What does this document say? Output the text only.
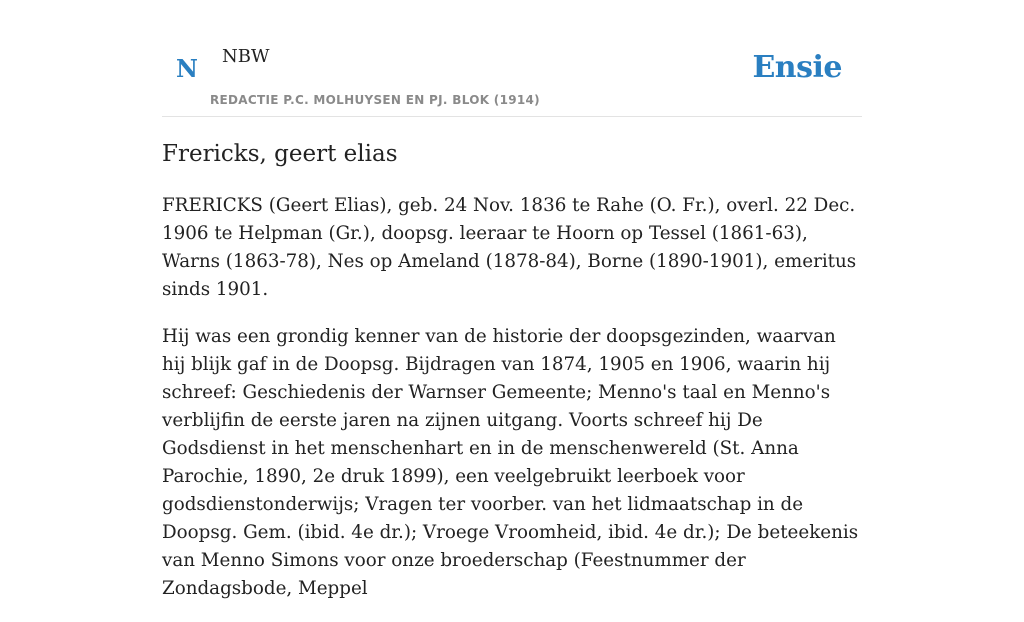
N NBW
REDACTIE P.C. MOLHUYSEN EN PJ. BLOK (1914)
Ensie
Frericks, geert elias

FRERICKS (Geert Elias), geb. 24 Nov. 1836 te Rahe (O. Fr.), overl. 22 Dec. 1906 te Helpman (Gr.), doopsg. leeraar te Hoorn op Tessel (1861-63), Warns (1863-78), Nes op Ameland (1878-84), Borne (1890-1901), emeritus sinds 1901.

Hij was een grondig kenner van de historie der doopsgezinden, waarvan hij blijk gaf in de Doopsg. Bijdragen van 1874, 1905 en 1906, waarin hij schreef: Geschiedenis der Warnser Gemeente; Menno's taal en Menno's verblijfin de eerste jaren na zijnen uitgang. Voorts schreef hij De Godsdienst in het menschenhart en in de menschenwereld (St. Anna Parochie, 1890, 2e druk 1899), een veelgebruikt leerboek voor godsdienstonderwijs; Vragen ter voorber. van het lidmaatschap in de Doopsg. Gem. (ibid. 4e dr.); Vroege Vroomheid, ibid. 4e dr.); De beteekenis van Menno Simons voor onze broederschap (Feestnummer der Zondagsbode, Meppel
